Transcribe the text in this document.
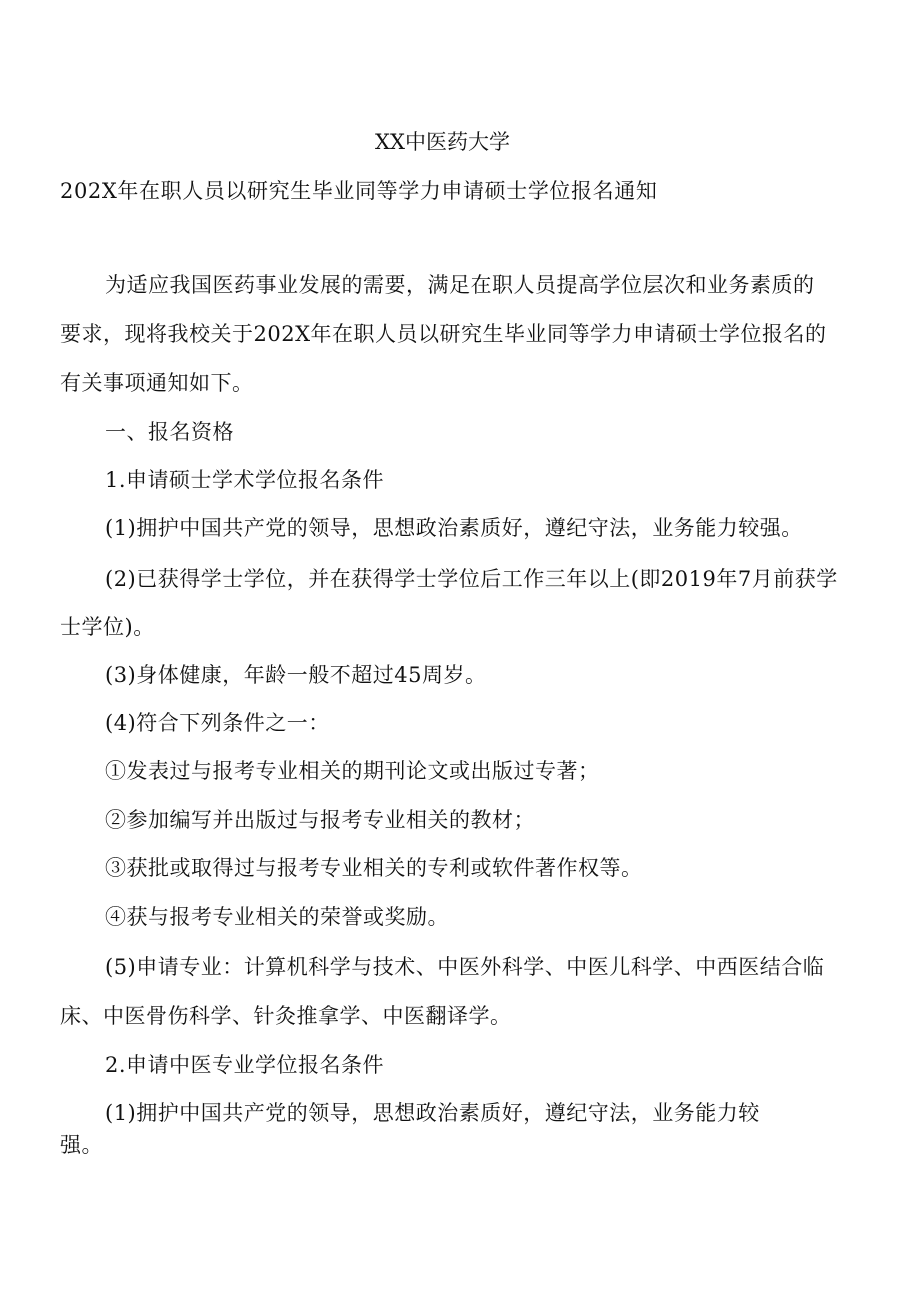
XX中医药大学
202X年在职人员以研究生毕业同等学力申请硕士学位报名通知
为适应我国医药事业发展的需要，满足在职人员提高学位层次和业务素质的
要求，现将我校关于202X年在职人员以研究生毕业同等学力申请硕士学位报名的
有关事项通知如下。
一、报名资格
1.申请硕士学术学位报名条件
(1)拥护中国共产党的领导，思想政治素质好，遵纪守法，业务能力较强。
(2)已获得学士学位，并在获得学士学位后工作三年以上(即2019年7月前获学
士学位)。
(3)身体健康，年龄一般不超过45周岁。
(4)符合下列条件之一：
①发表过与报考专业相关的期刊论文或出版过专著；
②参加编写并出版过与报考专业相关的教材；
③获批或取得过与报考专业相关的专利或软件著作权等。
④获与报考专业相关的荣誉或奖励。
(5)申请专业：计算机科学与技术、中医外科学、中医儿科学、中西医结合临
床、中医骨伤科学、针灸推拿学、中医翻译学。
2.申请中医专业学位报名条件
(1)拥护中国共产党的领导，思想政治素质好，遵纪守法，业务能力较
强。
